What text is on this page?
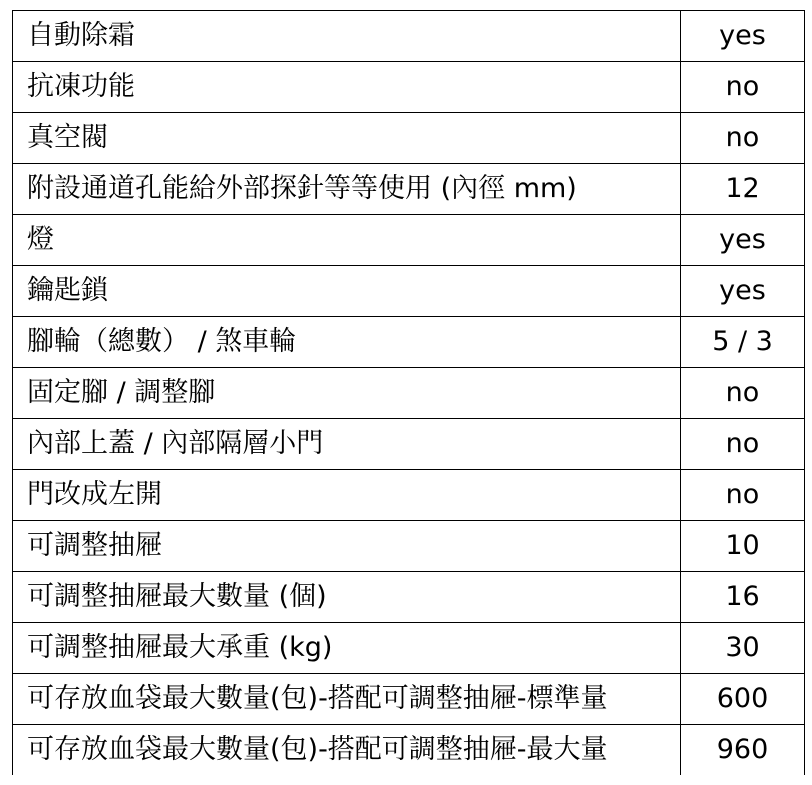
自動除霜	yes
抗凍功能	no
真空閥	no
附設通道孔能給外部探針等等使用 (內徑 mm)	12
燈	yes
鑰匙鎖	yes
腳輪（總數） / 煞車輪	5 / 3
固定腳 / 調整腳	no
內部上蓋 / 內部隔層小門	no
門改成左開	no
可調整抽屜	10
可調整抽屜最大數量 (個)	16
可調整抽屜最大承重 (kg)	30
可存放血袋最大數量(包)-搭配可調整抽屜-標準量	600
可存放血袋最大數量(包)-搭配可調整抽屜-最大量	960
